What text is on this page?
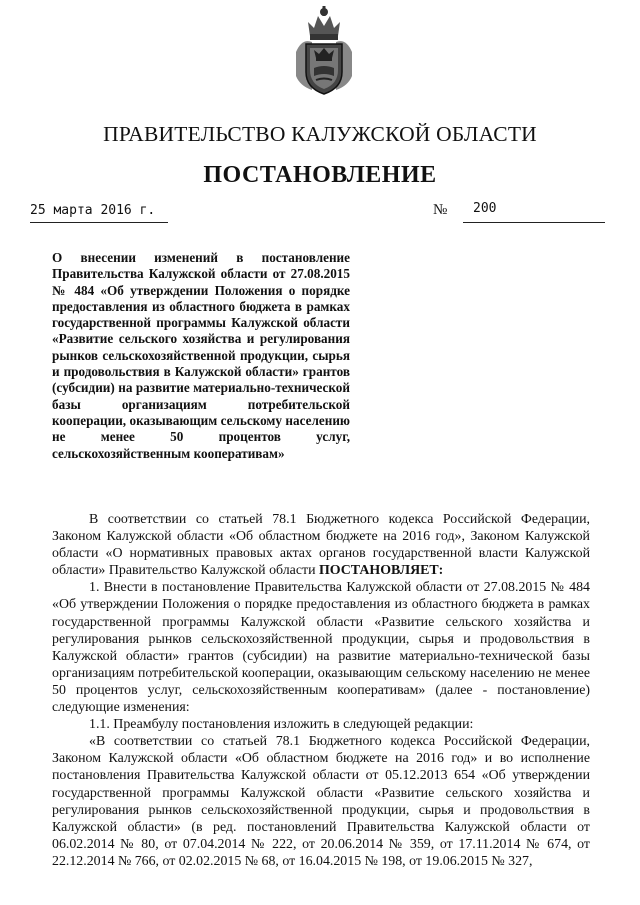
ПРАВИТЕЛЬСТВО КАЛУЖСКОЙ ОБЛАСТИ
ПОСТАНОВЛЕНИЕ
25 марта 2016 г.	№ 200

О внесении изменений в постановление Правительства Калужской области от 27.08.2015 № 484 «Об утверждении Положения о порядке предоставления из областного бюджета в рамках государственной программы Калужской области «Развитие сельского хозяйства и регулирования рынков сельскохозяйственной продукции, сырья и продовольствия в Калужской области» грантов (субсидии) на развитие материально-технической базы организациям потребительской кооперации, оказывающим сельскому населению не менее 50 процентов услуг, сельскохозяйственным кооперативам»

В соответствии со статьей 78.1 Бюджетного кодекса Российской Федерации, Законом Калужской области «Об областном бюджете на 2016 год», Законом Калужской области «О нормативных правовых актах органов государственной власти Калужской области» Правительство Калужской области ПОСТАНОВЛЯЕТ:

1. Внести в постановление Правительства Калужской области от 27.08.2015 № 484 «Об утверждении Положения о порядке предоставления из областного бюджета в рамках государственной программы Калужской области «Развитие сельского хозяйства и регулирования рынков сельскохозяйственной продукции, сырья и продовольствия в Калужской области» грантов (субсидии) на развитие материально-технической базы организациям потребительской кооперации, оказывающим сельскому населению не менее 50 процентов услуг, сельскохозяйственным кооперативам» (далее - постановление) следующие изменения:

1.1. Преамбулу постановления изложить в следующей редакции:

«В соответствии со статьей 78.1 Бюджетного кодекса Российской Федерации, Законом Калужской области «Об областном бюджете на 2016 год» и во исполнение постановления Правительства Калужской области от 05.12.2013 654 «Об утверждении государственной программы Калужской области «Развитие сельского хозяйства и регулирования рынков сельскохозяйственной продукции, сырья и продовольствия в Калужской области» (в ред. постановлений Правительства Калужской области от 06.02.2014 № 80, от 07.04.2014 № 222, от 20.06.2014 № 359, от 17.11.2014 № 674, от 22.12.2014 № 766, от 02.02.2015 № 68, от 16.04.2015 № 198, от 19.06.2015 № 327,
